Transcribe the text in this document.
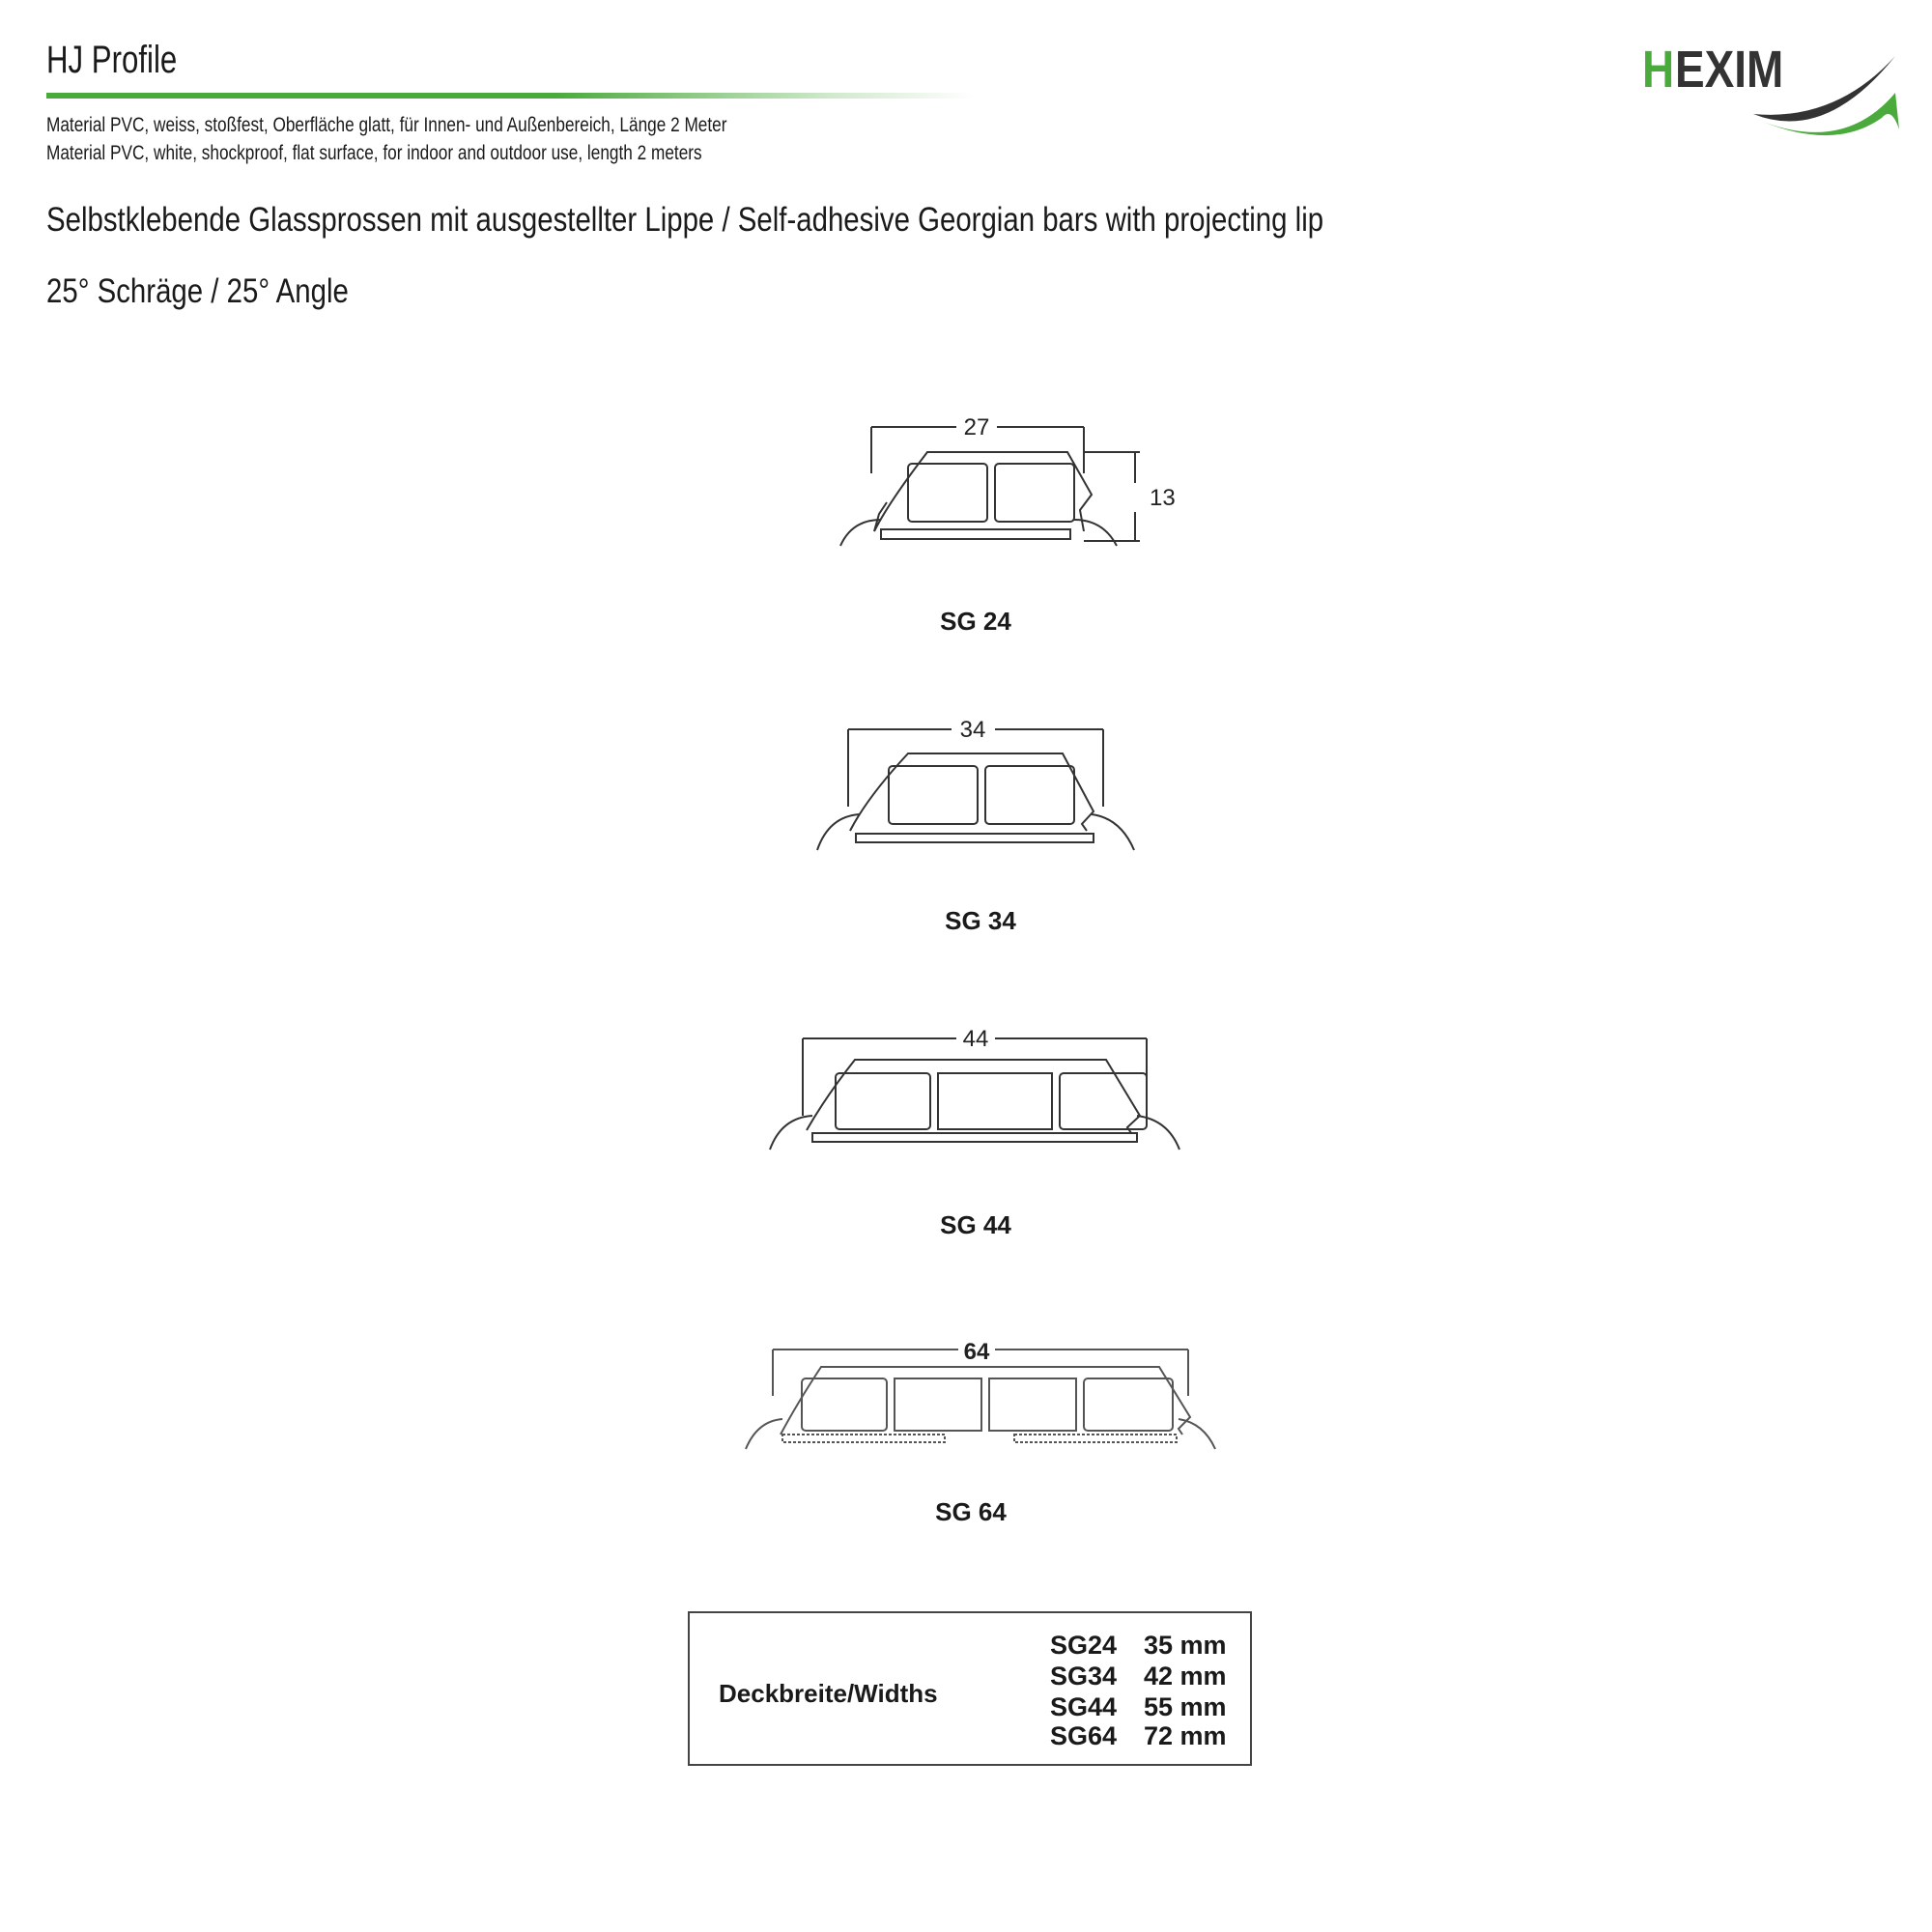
HJ Profile
Material PVC, weiss, stoßfest, Oberfläche glatt, für Innen- und Außenbereich, Länge 2 Meter
Material PVC, white, shockproof, flat surface, for indoor and outdoor use, length 2 meters
Selbstklebende Glassprossen mit ausgestellter Lippe / Self-adhesive Georgian bars with projecting lip
25° Schräge / 25° Angle
H EXIM
27
13
SG 24
34
SG 34
44
SG 44
64
SG 64
Deckbreite/Widths
SG24 35 mm
SG34 42 mm
SG44 55 mm
SG64 72 mm
